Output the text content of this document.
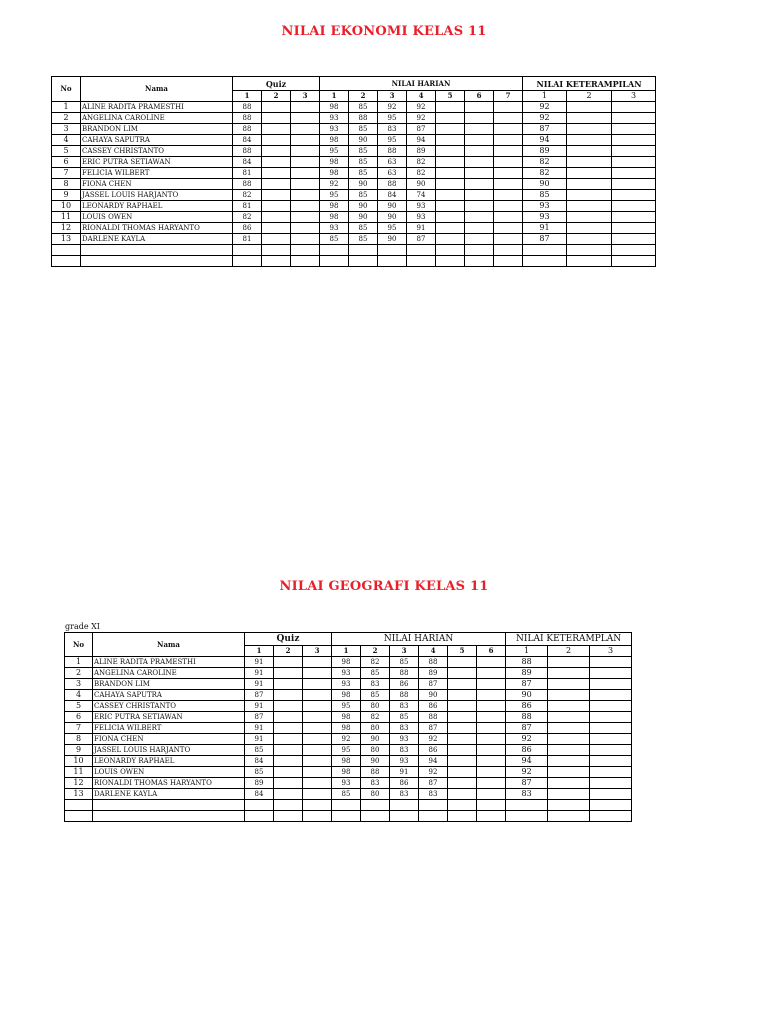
NILAI EKONOMI KELAS 11
No	Nama	Quiz			NILAI HARIAN							NILAI KETERAMPILAN		
		1	2	3	1	2	3	4	5	6	7	1	2	3
1	ALINE RADITA PRAMESTHI	88			98	85	92	92				92		
2	ANGELINA CAROLINE	88			93	88	95	92				92		
3	BRANDON LIM	88			93	85	83	87				87		
4	CAHAYA SAPUTRA	84			98	90	95	94				94		
5	CASSEY CHRISTANTO	88			95	85	88	89				89		
6	ERIC PUTRA SETIAWAN	84			98	85	63	82				82		
7	FELICIA WILBERT	81			98	85	63	82				82		
8	FIONA CHEN	88			92	90	88	90				90		
9	JASSEL LOUIS HARJANTO	82			95	85	84	74				85		
10	LEONARDY RAPHAEL	81			98	90	90	93				93		
11	LOUIS OWEN	82			98	90	90	93				93		
12	RIONALDI THOMAS HARYANTO	86			93	85	95	91				91		
13	DARLENE KAYLA	81			85	85	90	87				87		

NILAI GEOGRAFI KELAS 11
grade XI
No	Nama	Quiz			NILAI HARIAN						NILAI KETERAMPLAN		
		1	2	3	1	2	3	4	5	6	1	2	3
1	ALINE RADITA PRAMESTHI	91			98	82	85	88			88		
2	ANGELINA CAROLINE	91			93	85	88	89			89		
3	BRANDON LIM	91			93	83	86	87			87		
4	CAHAYA SAPUTRA	87			98	85	88	90			90		
5	CASSEY CHRISTANTO	91			95	80	83	86			86		
6	ERIC PUTRA SETIAWAN	87			98	82	85	88			88		
7	FELICIA WILBERT	91			98	80	83	87			87		
8	FIONA CHEN	91			92	90	93	92			92		
9	JASSEL LOUIS HARJANTO	85			95	80	83	86			86		
10	LEONARDY RAPHAEL	84			98	90	93	94			94		
11	LOUIS OWEN	85			98	88	91	92			92		
12	RIONALDI THOMAS HARYANTO	89			93	83	86	87			87		
13	DARLENE KAYLA	84			85	80	83	83			83		
